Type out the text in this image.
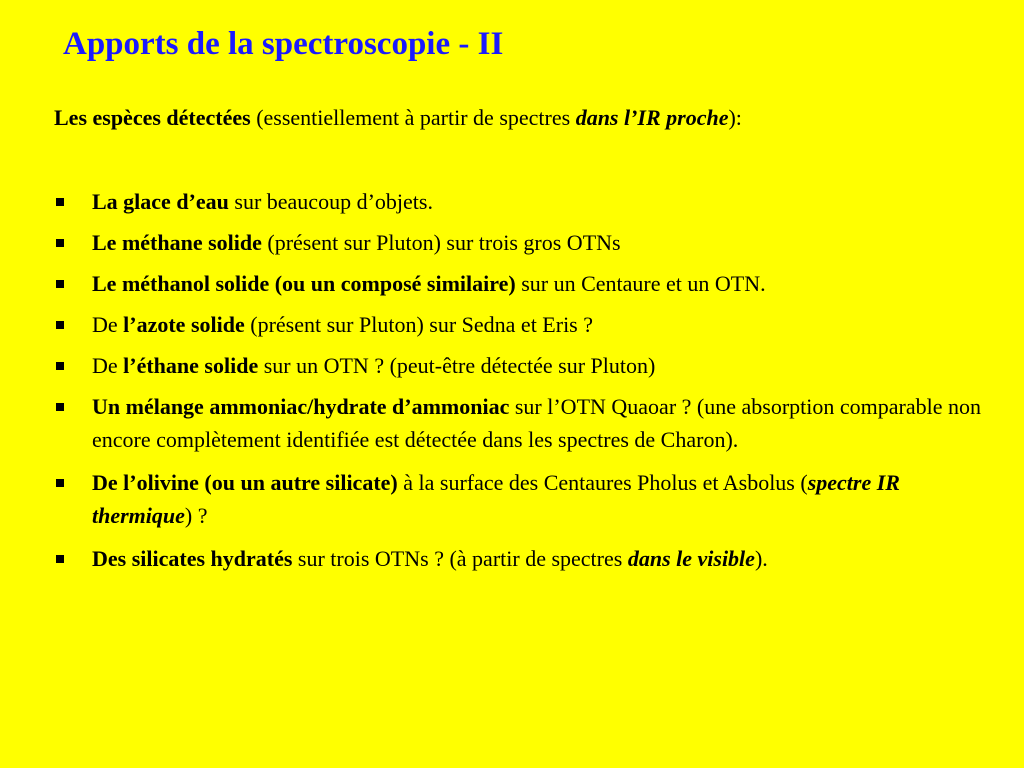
Apports de la spectroscopie - II
Les espèces détectées (essentiellement à partir de spectres dans l’IR proche):
La glace d’eau sur beaucoup d’objets.
Le méthane solide (présent sur Pluton) sur trois gros OTNs
Le méthanol solide (ou un composé similaire) sur un Centaure et un OTN.
De l’azote solide (présent sur Pluton) sur Sedna et Eris ?
De l’éthane solide sur un OTN ? (peut-être détectée sur Pluton)
Un mélange ammoniac/hydrate d’ammoniac sur l’OTN Quaoar ? (une absorption comparable non encore complètement identifiée est détectée dans les spectres de Charon).
De l’olivine (ou un autre silicate) à la surface des Centaures Pholus et Asbolus (spectre IR thermique) ?
Des silicates hydratés sur trois OTNs ? (à partir de spectres dans le visible).
